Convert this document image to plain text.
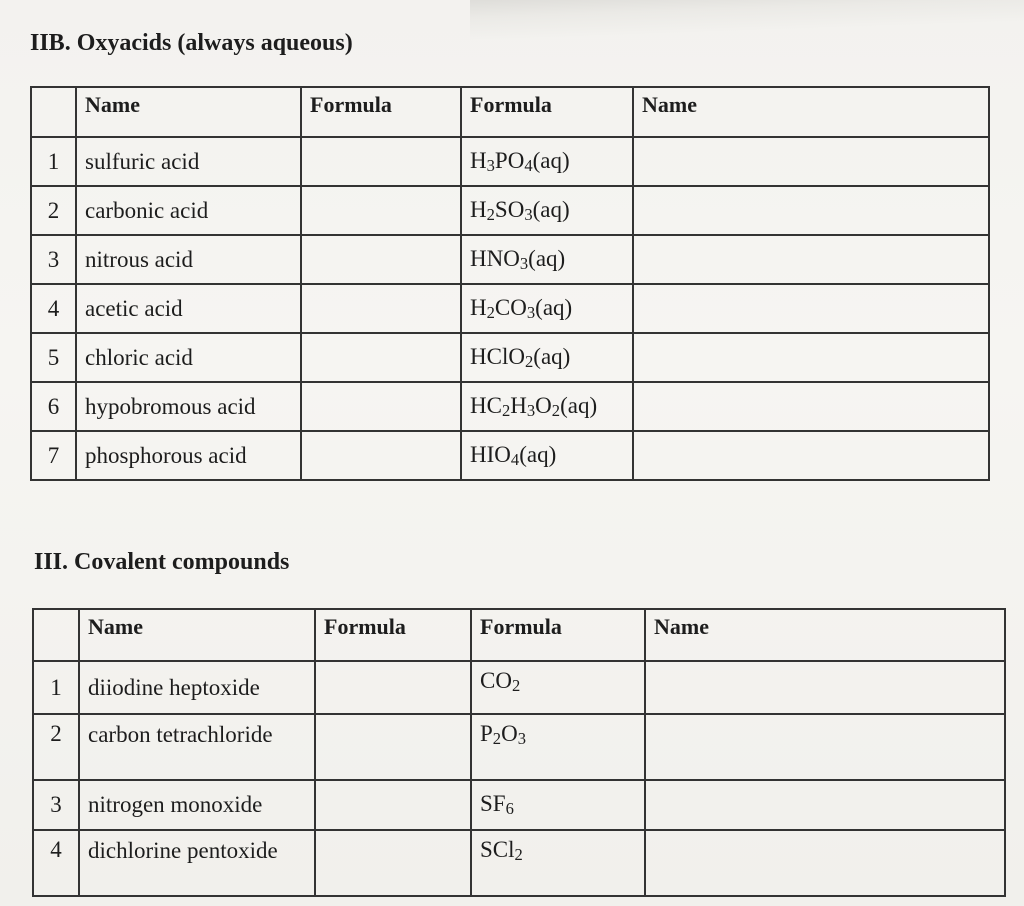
IIB. Oxyacids (always aqueous)
	Name	Formula	Formula	Name
1	sulfuric acid		$H_3PO_4(aq)$	
2	carbonic acid		$H_2SO_3(aq)$	
3	nitrous acid		$HNO_3(aq)$	
4	acetic acid		$H_2CO_3(aq)$	
5	chloric acid		HClO$_2$(aq)	
6	hypobromous acid		$HC_2H_3O_2(aq)$	
7	phosphorous acid		$HIO_4(aq)$	
III. Covalent compounds
	Name	Formula	Formula	Name
1	diiodine heptoxide		$CO_2$	
2	carbon tetrachloride		$P_2O_3$	
3	nitrogen monoxide		$SF_6$	
4	dichlorine pentoxide		SCl$_2$	
